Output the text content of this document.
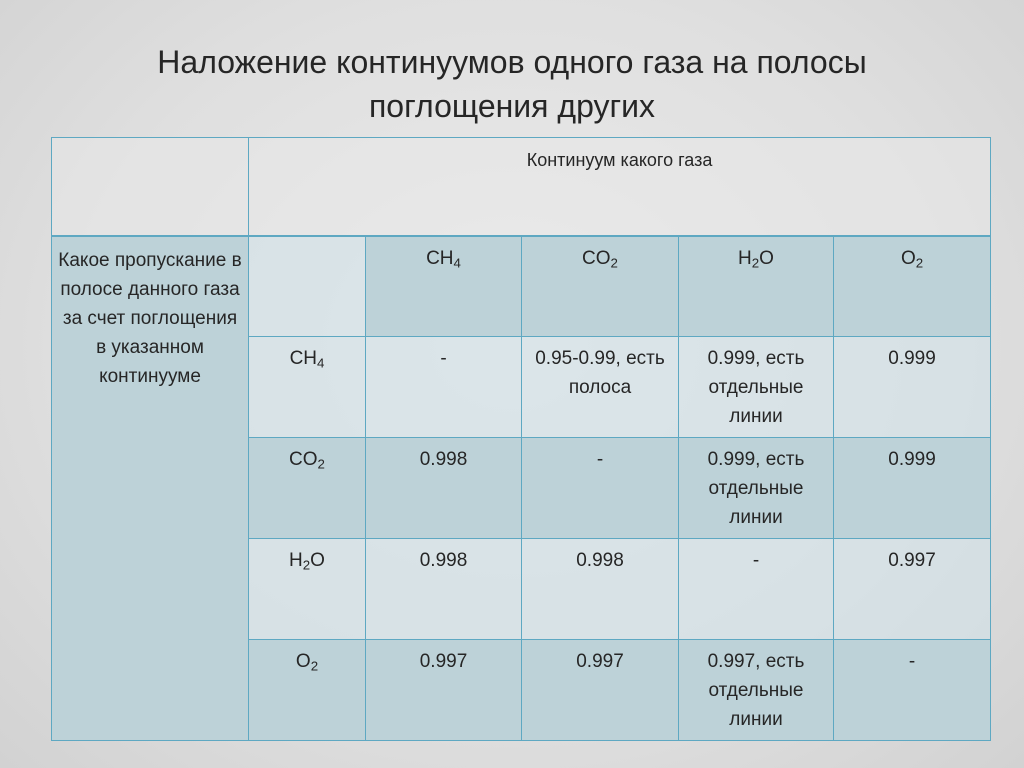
Наложение континуумов одного газа на полосы
поглощения других
	Континуум какого газа				
Какое пропускание в полосе данного газа за счет поглощения в указанном континууме		$CH_4$	$CO_2$	$H_2O$	$O_2$
	$CH_4$	-	0.95-0.99, есть полоса	0.999, есть отдельные линии	0.999
	$CO_2$	0.998	-	0.999, есть отдельные линии	0.999
	$H_2O$	0.998	0.998	-	0.997
	$O_2$	0.997	0.997	0.997, есть отдельные линии	-
